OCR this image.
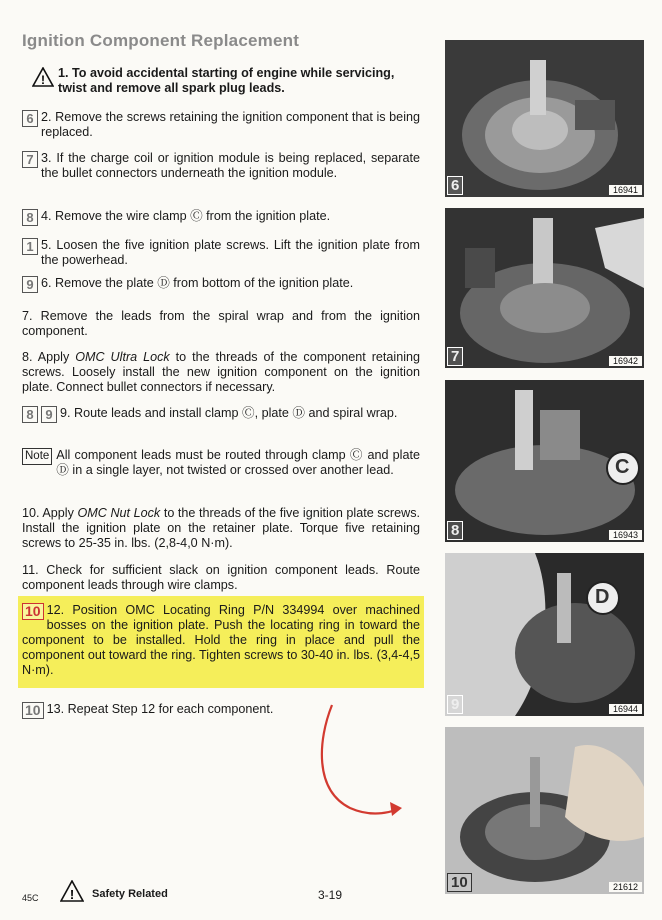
Ignition Component Replacement
!	1. To avoid accidental starting of engine while servicing, twist and remove all spark plug leads.
6 2. Remove the screws retaining the ignition component that is being replaced.
7 3. If the charge coil or ignition module is being replaced, separate the bullet connectors underneath the ignition module.
8 4. Remove the wire clamp Ⓒ from the ignition plate.
1 5. Loosen the five ignition plate screws. Lift the ignition plate from the powerhead.
9 6. Remove the plate Ⓓ from bottom of the ignition plate.
7. Remove the leads from the spiral wrap and from the ignition component.
8. Apply OMC Ultra Lock to the threads of the component retaining screws. Loosely install the new ignition component on the ignition plate. Connect bullet connectors if necessary.
8 9 9. Route leads and install clamp Ⓒ, plate Ⓓ and spiral wrap.
Note All component leads must be routed through clamp Ⓒ and plate Ⓓ in a single layer, not twisted or crossed over another lead.
10. Apply OMC Nut Lock to the threads of the five ignition plate screws. Install the ignition plate on the retainer plate. Torque five retaining screws to 25-35 in. lbs. (2,8-4,0 N·m).
11. Check for sufficient slack on ignition component leads. Route component leads through wire clamps.
10 12. Position OMC Locating Ring P/N 334994 over machined bosses on the ignition plate. Push the locating ring in toward the component to be installed. Hold the ring in place and pull the component out toward the ring. Tighten screws to 30-40 in. lbs. (3,4-4,5 N·m).
10 13. Repeat Step 12 for each component.
6	16941
7	16942
C
8	16943
D
9	16944
10	21612
45C ! Safety Related	3-19
